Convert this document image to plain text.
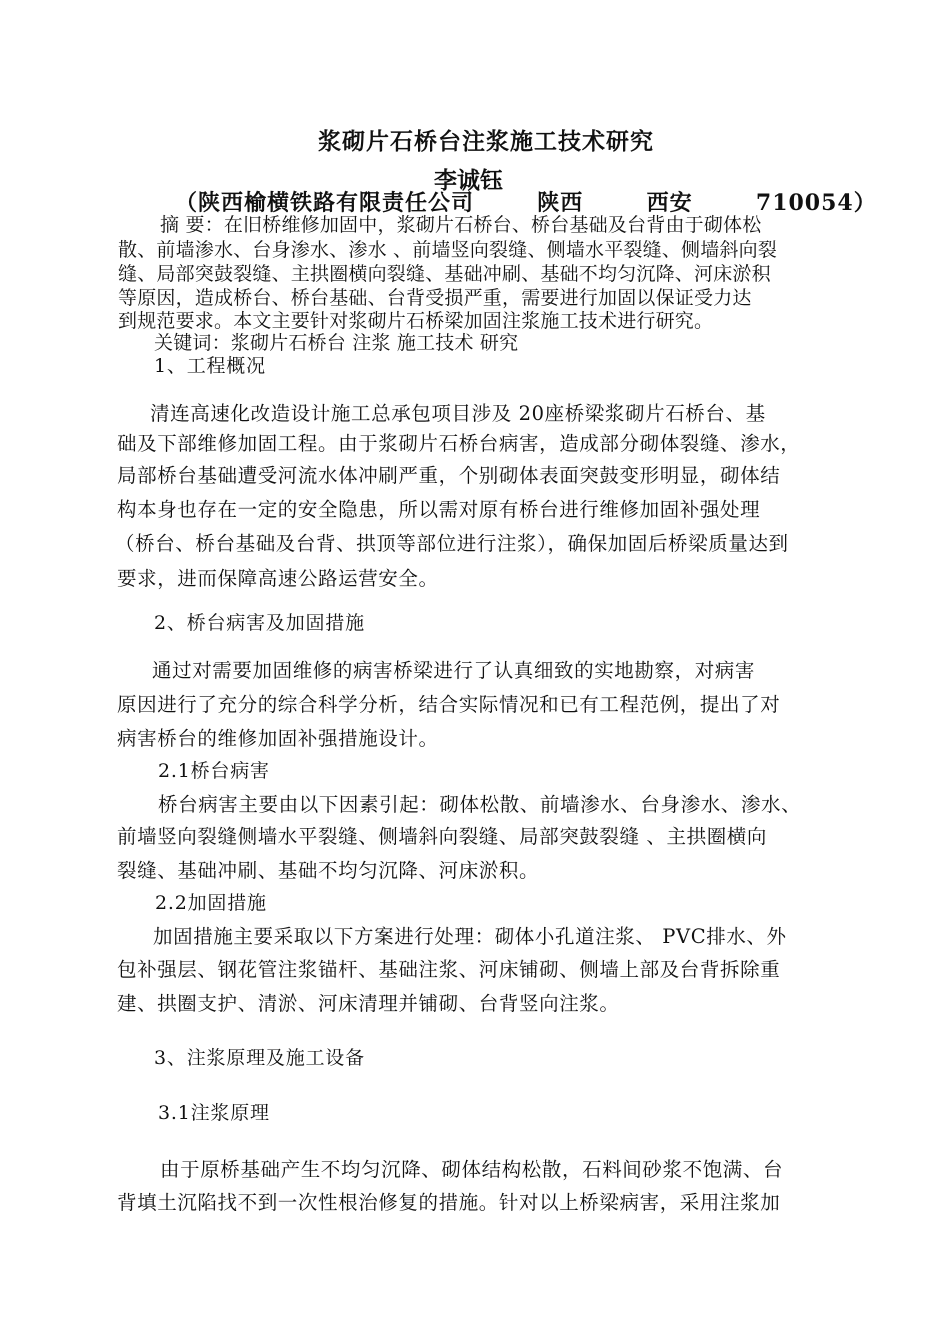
浆砌片石桥台注浆施工技术研究
李诚钰
（陕西榆横铁路有限责任公司     陕西     西安     710054）
摘 要：在旧桥维修加固中，浆砌片石桥台、桥台基础及台背由于砌体松
散、前墙渗水、台身渗水、渗水 、前墙竖向裂缝、侧墙水平裂缝、侧墙斜向裂
缝、局部突鼓裂缝、主拱圈横向裂缝、基础冲刷、基础不均匀沉降、河床淤积
等原因，造成桥台、桥台基础、台背受损严重，需要进行加固以保证受力达
到规范要求。本文主要针对浆砌片石桥梁加固注浆施工技术进行研究。
关键词：浆砌片石桥台 注浆 施工技术 研究
1、工程概况
清连高速化改造设计施工总承包项目涉及 20座桥梁浆砌片石桥台、基
础及下部维修加固工程。由于浆砌片石桥台病害，造成部分砌体裂缝、渗水，
局部桥台基础遭受河流水体冲刷严重，个别砌体表面突鼓变形明显，砌体结
构本身也存在一定的安全隐患，所以需对原有桥台进行维修加固补强处理
（桥台、桥台基础及台背、拱顶等部位进行注浆），确保加固后桥梁质量达到
要求，进而保障高速公路运营安全。
2、桥台病害及加固措施
通过对需要加固维修的病害桥梁进行了认真细致的实地勘察，对病害
原因进行了充分的综合科学分析，结合实际情况和已有工程范例，提出了对
病害桥台的维修加固补强措施设计。
2.1桥台病害
桥台病害主要由以下因素引起：砌体松散、前墙渗水、台身渗水、渗水、
前墙竖向裂缝侧墙水平裂缝、侧墙斜向裂缝、局部突鼓裂缝 、主拱圈横向
裂缝、基础冲刷、基础不均匀沉降、河床淤积。
2.2加固措施
加固措施主要采取以下方案进行处理：砌体小孔道注浆、 PVC排水、外
包补强层、钢花管注浆锚杆、基础注浆、河床铺砌、侧墙上部及台背拆除重
建、拱圈支护、清淤、河床清理并铺砌、台背竖向注浆。
3、注浆原理及施工设备
3.1注浆原理
由于原桥基础产生不均匀沉降、砌体结构松散，石料间砂浆不饱满、台
背填土沉陷找不到一次性根治修复的措施。针对以上桥梁病害，采用注浆加
